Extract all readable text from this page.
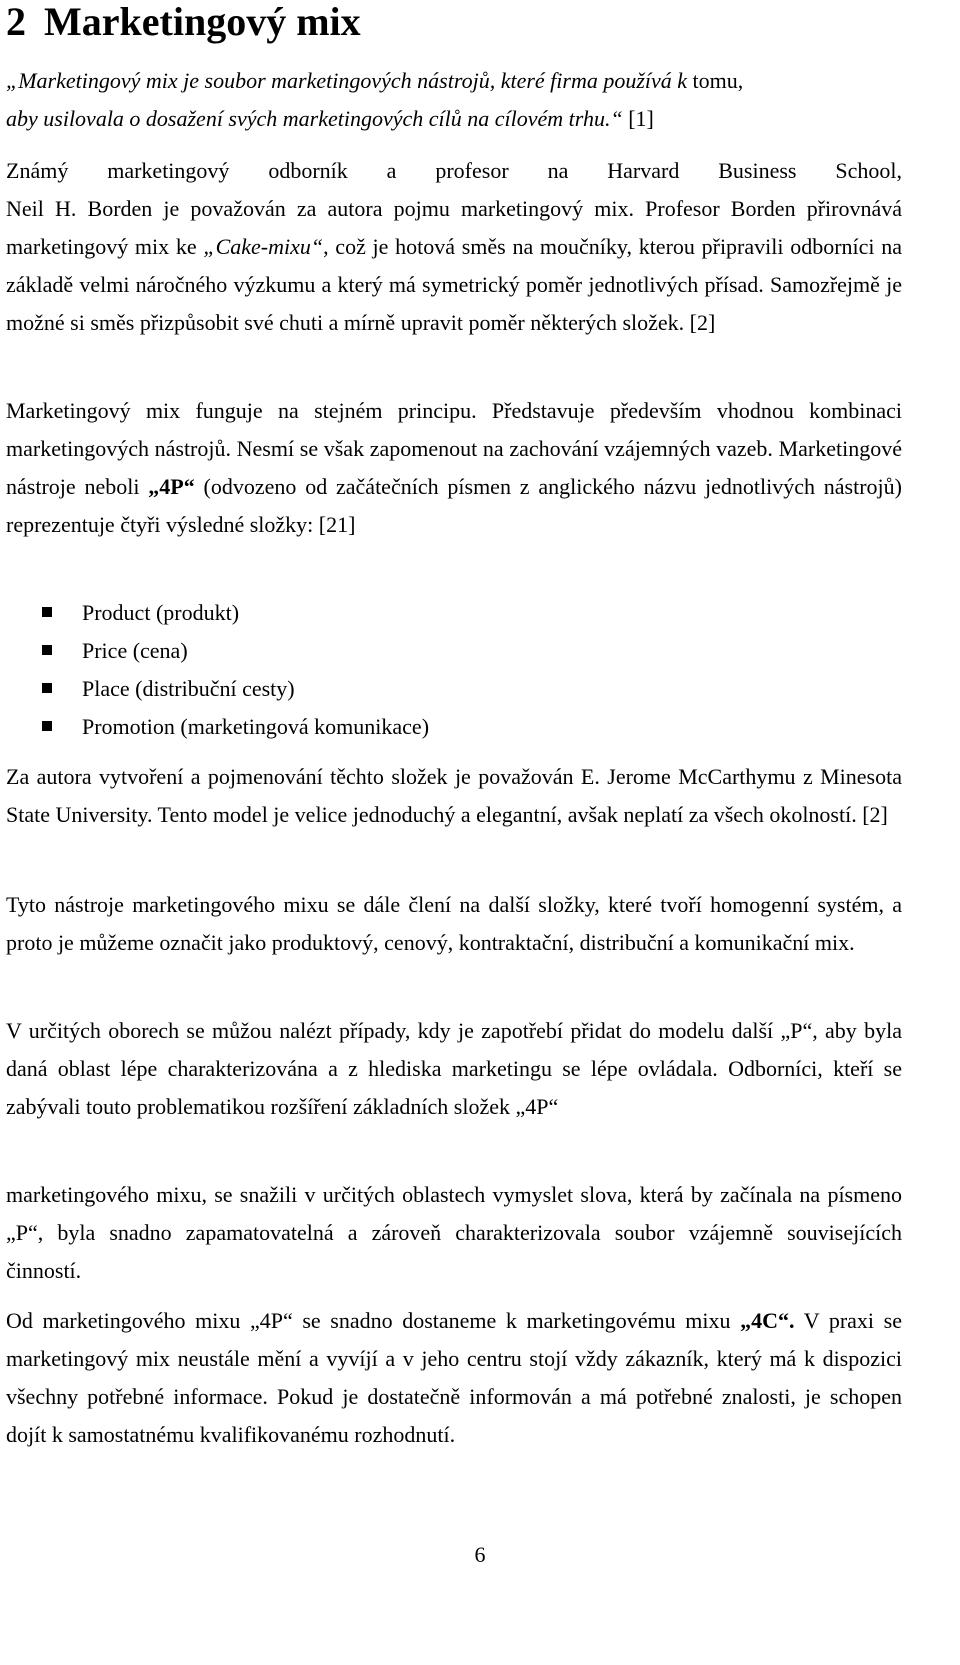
2 Marketingový mix

„Marketingový mix je soubor marketingových nástrojů, které firma používá k tomu,
aby usilovala o dosažení svých marketingových cílů na cílovém trhu.“ [1]

Známý marketingový odborník a profesor na Harvard Business School,

Neil H. Borden je považován za autora pojmu marketingový mix. Profesor Borden přirovnává marketingový mix ke „Cake-mixu“, což je hotová směs na moučníky, kterou připravili odborníci na základě velmi náročného výzkumu a který má symetrický poměr jednotlivých přísad. Samozřejmě je možné si směs přizpůsobit své chuti a mírně upravit poměr některých složek. [2]

Marketingový mix funguje na stejném principu. Představuje především vhodnou kombinaci marketingových nástrojů. Nesmí se však zapomenout na zachování vzájemných vazeb. Marketingové nástroje neboli „4P“ (odvozeno od začátečních písmen z anglického názvu jednotlivých nástrojů) reprezentuje čtyři výsledné složky: [21]

Product (produkt)
Price (cena)
Place (distribuční cesty)
Promotion (marketingová komunikace)

Za autora vytvoření a pojmenování těchto složek je považován E. Jerome McCarthymu z Minesota State University. Tento model je velice jednoduchý a elegantní, avšak neplatí za všech okolností. [2]

Tyto nástroje marketingového mixu se dále člení na další složky, které tvoří homogenní systém, a proto je můžeme označit jako produktový, cenový, kontraktační, distribuční a komunikační mix.

V určitých oborech se můžou nalézt případy, kdy je zapotřebí přidat do modelu další „P“, aby byla daná oblast lépe charakterizována a z hlediska marketingu se lépe ovládala. Odborníci, kteří se zabývali touto problematikou rozšíření základních složek „4P“

marketingového mixu, se snažili v určitých oblastech vymyslet slova, která by začínala na písmeno „P“, byla snadno zapamatovatelná a zároveň charakterizovala soubor vzájemně souvisejících činností.

Od marketingového mixu „4P“ se snadno dostaneme k marketingovému mixu „4C“. V praxi se marketingový mix neustále mění a vyvíjí a v jeho centru stojí vždy zákazník, který má k dispozici všechny potřebné informace. Pokud je dostatečně informován a má potřebné znalosti, je schopen dojít k samostatnému kvalifikovanému rozhodnutí.

6
